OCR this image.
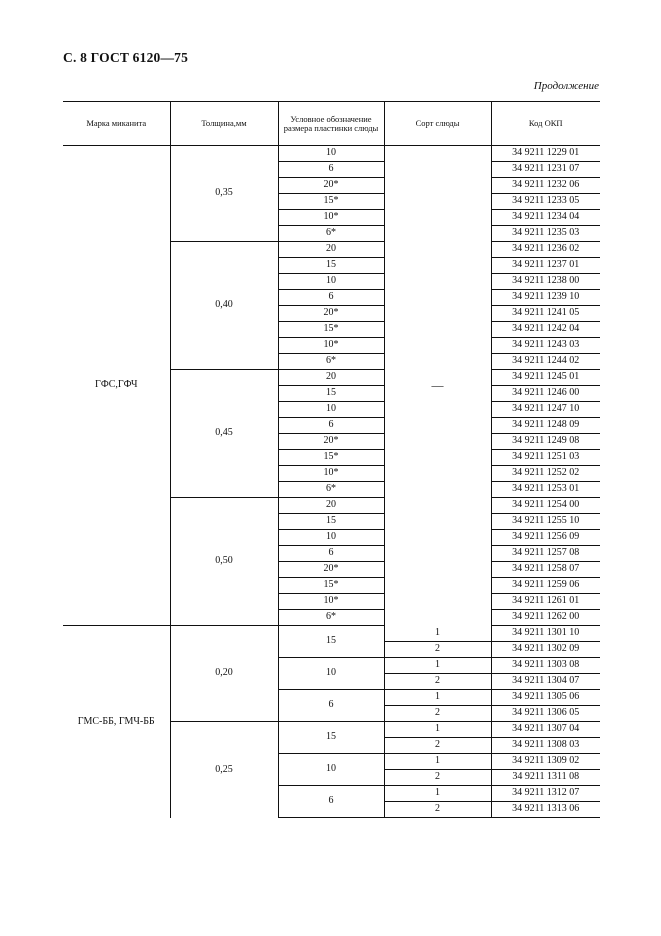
С. 8 ГОСТ 6120—75
Продолжение
Марка миканита	Толщина,мм	Условное обозначение размера пластинки слюды	Сорт слюды	Код ОКП
ГФС,ГФЧ	0,35	10	—	34 9211 1229 01
		6		34 9211 1231 07
		20*		34 9211 1232 06
		15*		34 9211 1233 05
		10*		34 9211 1234 04
		6*		34 9211 1235 03
	0,40	20		34 9211 1236 02
		15		34 9211 1237 01
		10		34 9211 1238 00
		6		34 9211 1239 10
		20*		34 9211 1241 05
		15*		34 9211 1242 04
		10*		34 9211 1243 03
		6*		34 9211 1244 02
	0,45	20		34 9211 1245 01
		15		34 9211 1246 00
		10		34 9211 1247 10
		6		34 9211 1248 09
		20*		34 9211 1249 08
		15*		34 9211 1251 03
		10*		34 9211 1252 02
		6*		34 9211 1253 01
	0,50	20		34 9211 1254 00
		15		34 9211 1255 10
		10		34 9211 1256 09
		6		34 9211 1257 08
		20*		34 9211 1258 07
		15*		34 9211 1259 06
		10*		34 9211 1261 01
		6*		34 9211 1262 00
ГМС-ББ, ГМЧ-ББ	0,20	15	1	34 9211 1301 10
			2	34 9211 1302 09
		10	1	34 9211 1303 08
			2	34 9211 1304 07
		6	1	34 9211 1305 06
			2	34 9211 1306 05
	0,25	15	1	34 9211 1307 04
			2	34 9211 1308 03
		10	1	34 9211 1309 02
			2	34 9211 1311 08
		6	1	34 9211 1312 07
			2	34 9211 1313 06
